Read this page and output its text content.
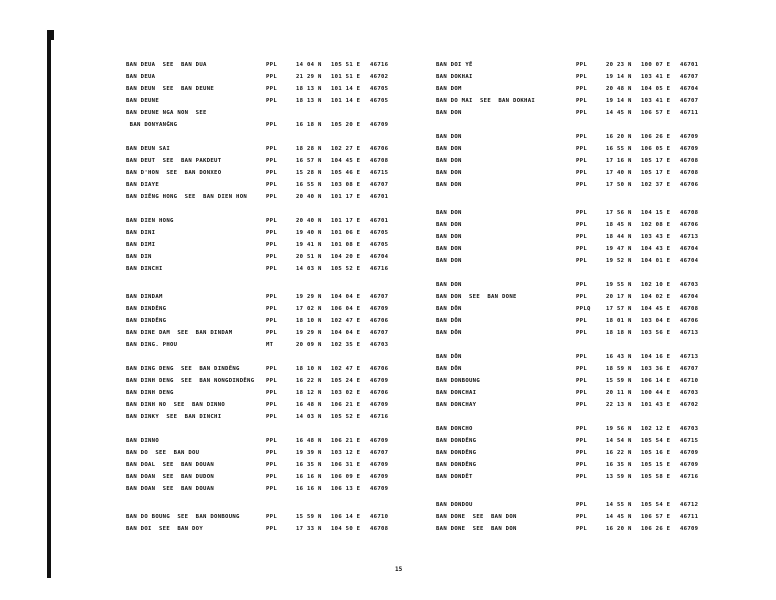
BAN DEUA  SEE  BAN DUA	PPL	14 04 N 105 51 E 46716
BAN DEUA	PPL	21 29 N 101 51 E 46702
BAN DEUN  SEE  BAN DEUNE	PPL	18 13 N 101 14 E 46705
BAN DEUNE	PPL	18 13 N 101 14 E 46705
BAN DEUNE NGA NON  SEE
BAN DONYANĜNG	PPL	16 18 N 105 20 E 46709
BAN DEUN SAI	PPL	18 28 N 102 27 E 46706
BAN DEUT  SEE  BAN PAKDEUT	PPL	16 57 N 104 45 E 46708
BAN D'HON  SEE  BAN DONXEO	PPL	15 28 N 105 46 E 46715
BAN DIAYE	PPL	16 55 N 103 08 E 46707
BAN DIÊNG HONG  SEE  BAN DIEN HON	PPL	20 40 N 101 17 E 46701
BAN DIEN HONG	PPL	20 40 N 101 17 E 46701
BAN DINI	PPL	19 40 N 101 06 E 46705
BAN DIMI	PPL	19 41 N 101 08 E 46705
BAN DIN	PPL	20 51 N 104 20 E 46704
BAN DINCHI	PPL	14 03 N 105 52 E 46716
BAN DINDAM	PPL	19 29 N 104 04 E 46707
BAN DINDÊNG	PPL	17 02 N 106 04 E 46709
BAN DINDÊNG	PPL	18 10 N 102 47 E 46706
BAN DINE DAM  SEE  BAN DINDAM	PPL	19 29 N 104 04 E 46707
BAN DING. PHOU	MT	20 09 N 102 35 E 46703
BAN DING DENG  SEE  BAN DINDÊNG	PPL	18 10 N 102 47 E 46706
BAN DINH DENG  SEE  BAN NONGDINDÊNG PPL	16 22 N 105 24 E 46709
BAN DINH DENG	PPL	18 12 N 103 02 E 46706
BAN DINH NO  SEE  BAN DINNO	PPL	16 48 N 106 21 E 46709
BAN DINKY  SEE  BAN DINCHI	PPL	14 03 N 105 52 E 46716
BAN DINNO	PPL	16 48 N 106 21 E 46709
BAN DO  SEE  BAN DOU	PPL	19 39 N 103 12 E 46707
BAN DOAL  SEE  BAN DOUAN	PPL	16 35 N 106 31 E 46709
BAN DOAN  SEE  BAN DUDON	PPL	16 16 N 106 09 E 46709
BAN DOAN  SEE  BAN DOUAN	PPL	16 16 N 106 13 E 46709
BAN DO BOUNG  SEE  BAN DONBOUNG	PPL	15 59 N 106 14 E 46710
BAN DOI  SEE  BAN DOY	PPL	17 33 N 104 50 E 46708
BAN DOI YÊ	PPL	20 23 N 100 07 E 46701
BAN DOKHAI	PPL	19 14 N 103 41 E 46707
BAN DOM	PPL	20 48 N 104 05 E 46704
BAN DO MAI  SEE  BAN DOKHAI	PPL	19 14 N 103 41 E 46707
BAN DON	PPL	14 45 N 106 57 E 46711
BAN DON	PPL	16 20 N 106 26 E 46709
BAN DON	PPL	16 55 N 106 05 E 46709
BAN DON	PPL	17 16 N 105 17 E 46708
BAN DON	PPL	17 40 N 105 17 E 46708
BAN DON	PPL	17 50 N 102 37 E 46706
BAN DON	PPL	17 56 N 104 15 E 46708
BAN DON	PPL	18 45 N 102 08 E 46706
BAN DON	PPL	18 44 N 103 43 E 46713
BAN DON	PPL	19 47 N 104 43 E 46704
BAN DON	PPL	19 52 N 104 01 E 46704
BAN DON	PPL	19 55 N 102 10 E 46703
BAN DON  SEE  BAN DONE	PPL	20 17 N 104 02 E 46704
BAN DÔN	PPLQ	17 57 N 104 45 E 46708
BAN DÔN	PPL	18 01 N 103 04 E 46706
BAN DÔN	PPL	18 18 N 103 56 E 46713
BAN DÔN	PPL	16 43 N 104 16 E 46713
BAN DÔN	PPL	18 59 N 103 36 E 46707
BAN DONBOUNG	PPL	15 59 N 106 14 E 46710
BAN DONCHAI	PPL	20 11 N 100 44 E 46703
BAN DONCHAY	PPL	22 13 N 101 43 E 46702
BAN DONCHO	PPL	19 56 N 102 12 E 46703
BAN DONDÊNG	PPL	14 54 N 105 54 E 46715
BAN DONDÊNG	PPL	16 22 N 105 16 E 46709
BAN DONDÊNG	PPL	16 35 N 105 15 E 46709
BAN DONDÊT	PPL	13 59 N 105 58 E 46716
BAN DONDOU	PPL	14 55 N 105 54 E 46712
BAN DONE  SEE  BAN DON	PPL	14 45 N 106 57 E 46711
BAN DONE  SEE  BAN DON	PPL	16 20 N 106 26 E 46709
15
